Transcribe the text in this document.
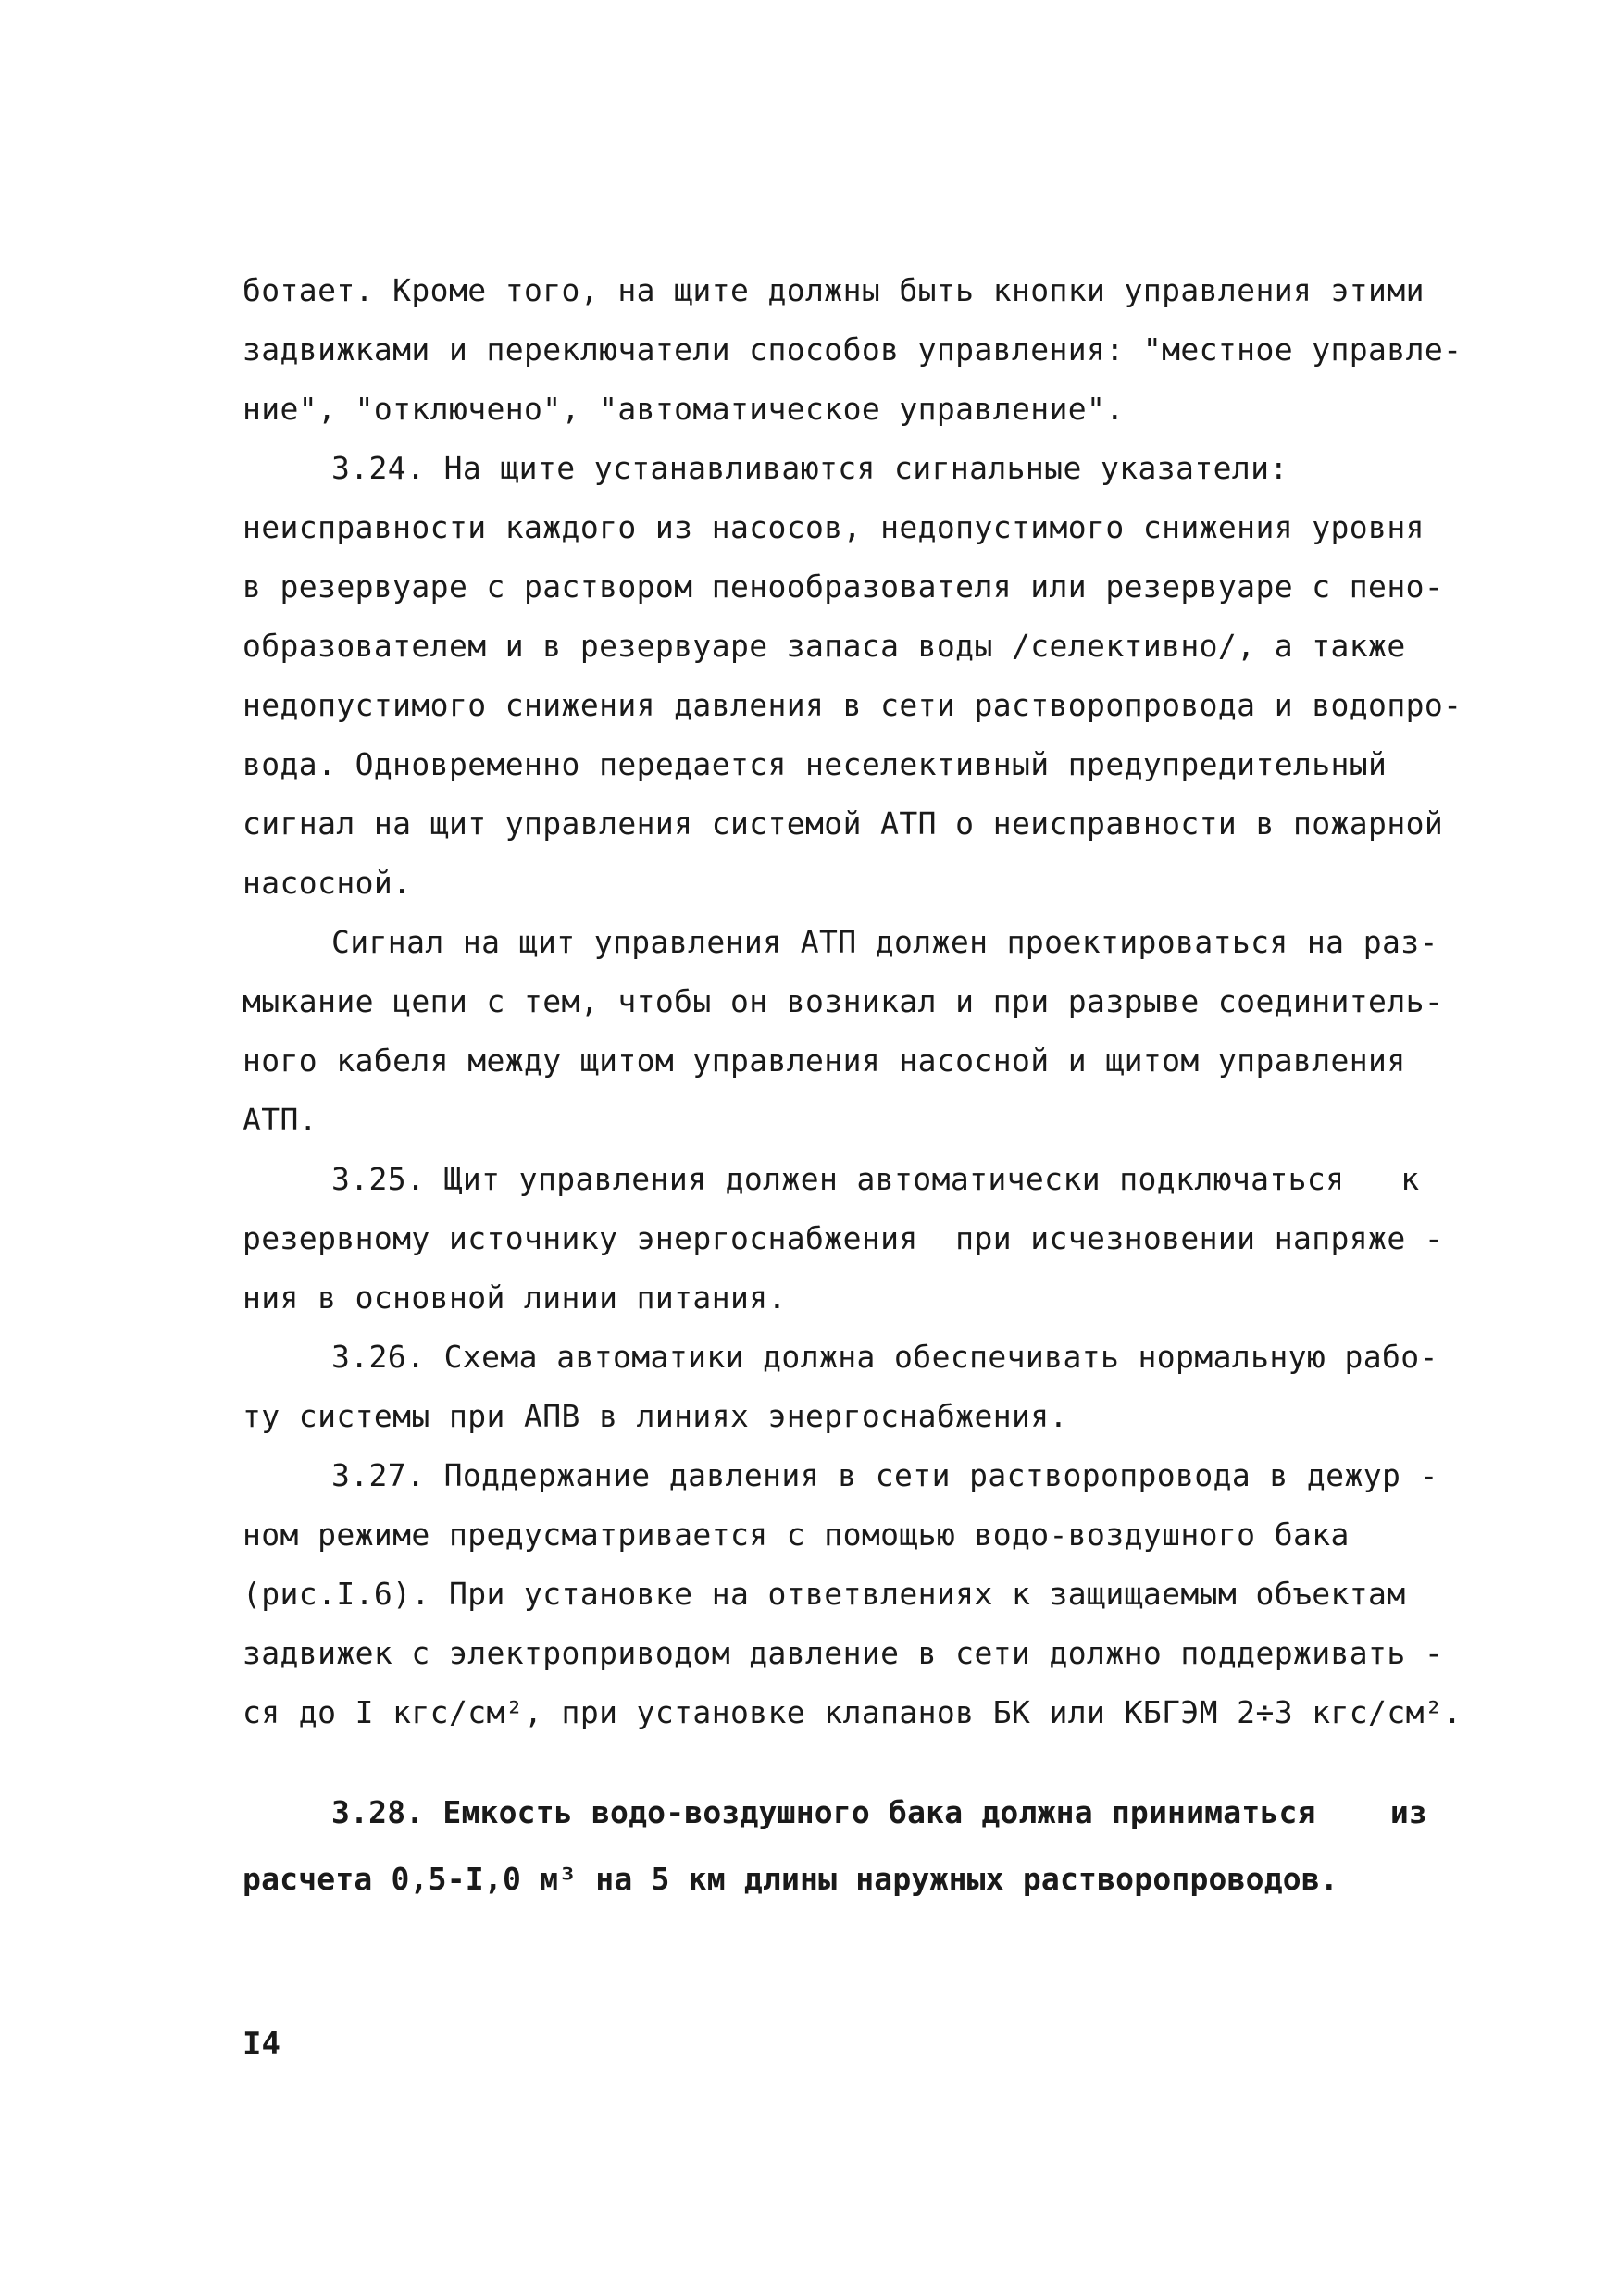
ботает. Кроме того, на щите должны быть кнопки управления этими
задвижками и переключатели способов управления: "местное управле-
ние", "отключено", "автоматическое управление".
3.24. На щите устанавливаются сигнальные указатели:
неисправности каждого из насосов, недопустимого снижения уровня
в резервуаре с раствором пенообразователя или резервуаре с пено-
образователем и в резервуаре запаса воды /селективно/, а также
недопустимого снижения давления в сети растворопровода и водопро-
вода. Одновременно передается неселективный предупредительный
сигнал на щит управления системой АТП о неисправности в пожарной
насосной.
Сигнал на щит управления АТП должен проектироваться на раз-
мыкание цепи с тем, чтобы он возникал и при разрыве соединитель-
ного кабеля между щитом управления насосной и щитом управления
АТП.
3.25. Щит управления должен автоматически подключаться   к
резервному источнику энергоснабжения  при исчезновении напряже -
ния в основной линии питания.
3.26. Схема автоматики должна обеспечивать нормальную рабо-
ту системы при АПВ в линиях энергоснабжения.
3.27. Поддержание давления в сети растворопровода в дежур -
ном режиме предусматривается с помощью водо-воздушного бака
(рис.I.6). При установке на ответвлениях к защищаемым объектам
задвижек с электроприводом давление в сети должно поддерживать -
ся до I кгс/см², при установке клапанов БК или КБГЭМ 2÷3 кгс/см².
3.28. Емкость водо-воздушного бака должна приниматься    из
расчета 0,5-I,0 м³ на 5 км длины наружных растворопроводов.
I4
